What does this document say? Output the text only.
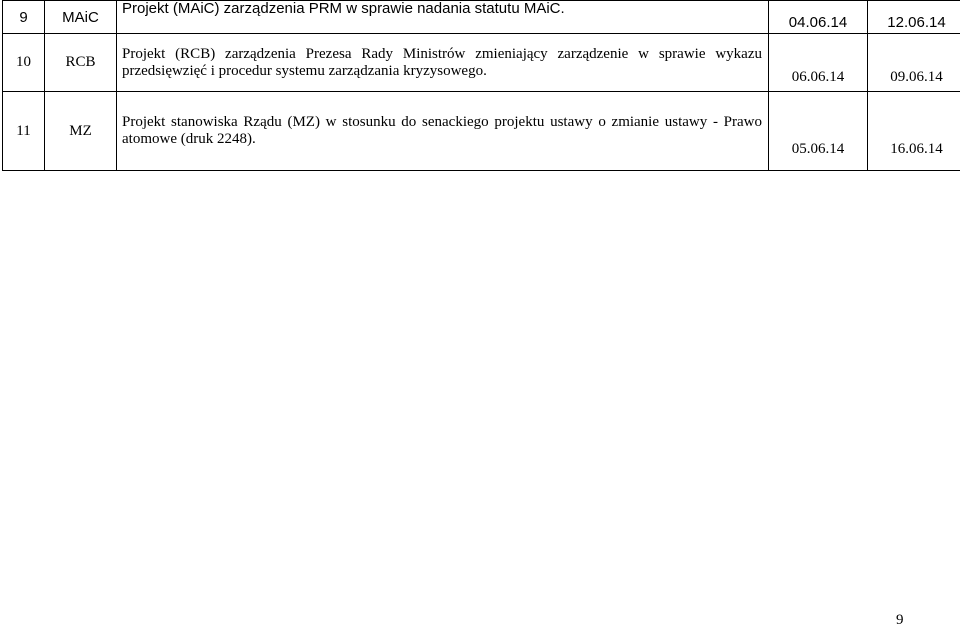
9	MAiC	Projekt (MAiC) zarządzenia PRM w sprawie nadania statutu MAiC.	04.06.14	12.06.14
10	RCB	Projekt (RCB) zarządzenia Prezesa Rady Ministrów zmieniający zarządzenie w sprawie wykazu przedsięwzięć i procedur systemu zarządzania kryzysowego.	06.06.14	09.06.14
11	MZ	Projekt stanowiska Rządu (MZ) w stosunku do senackiego projektu ustawy o zmianie ustawy - Prawo atomowe (druk 2248).	05.06.14	16.06.14
9
